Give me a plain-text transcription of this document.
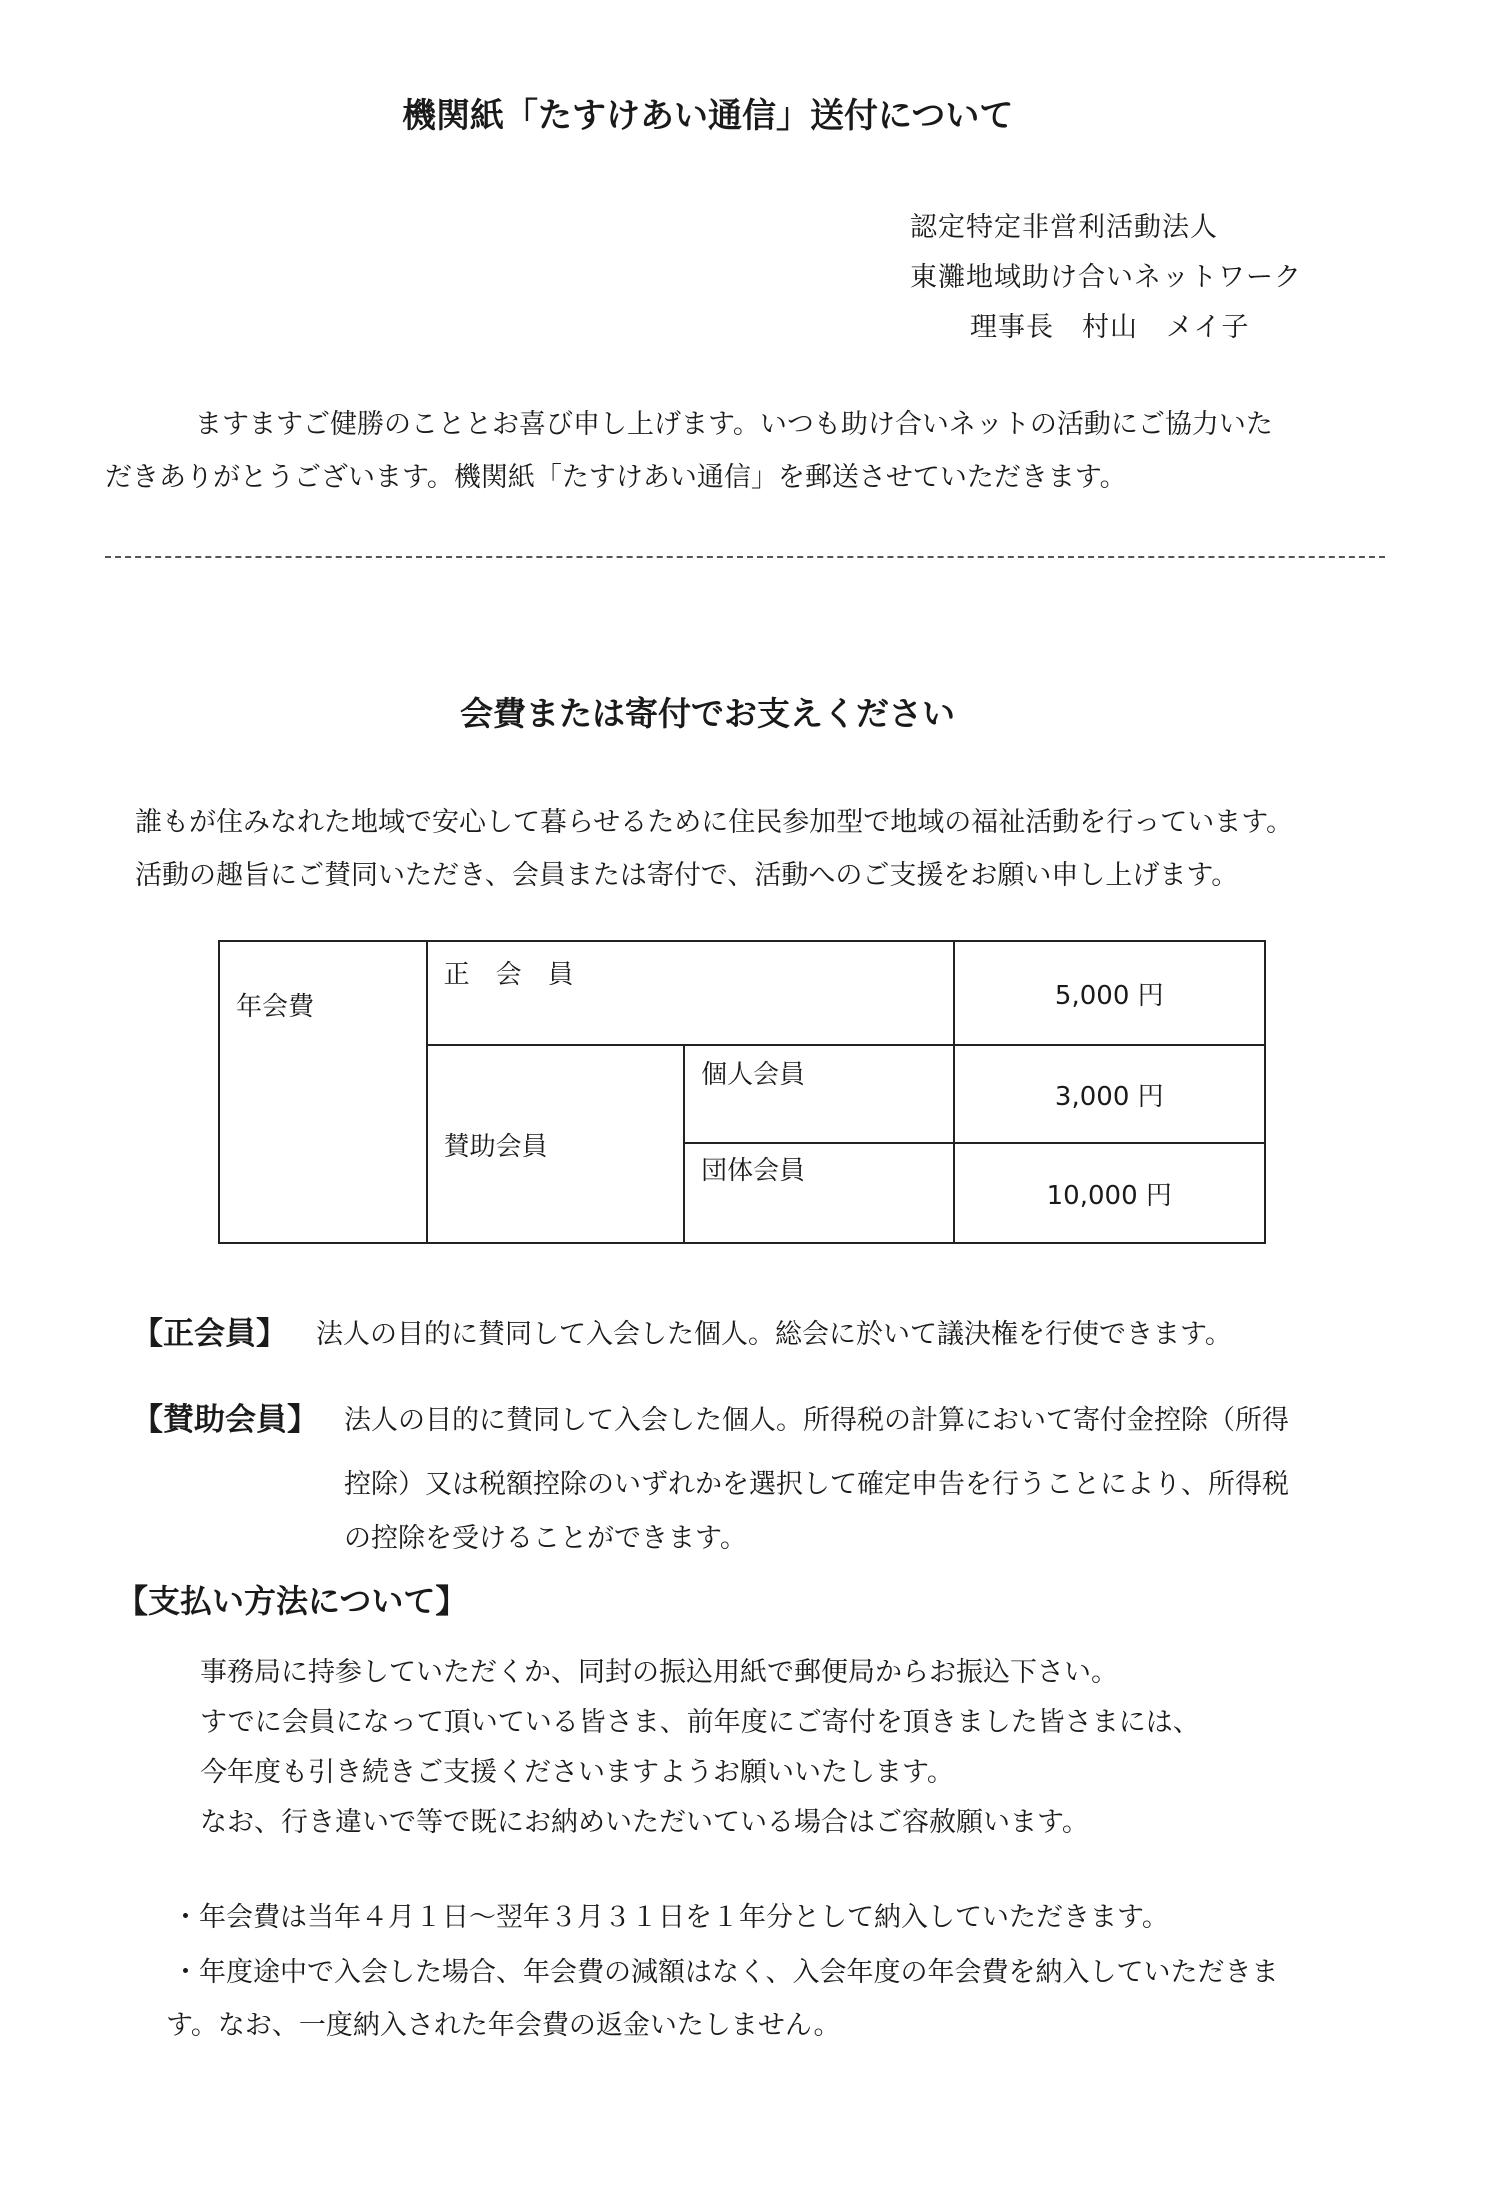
機関紙「たすけあい通信」送付について
認定特定非営利活動法人
東灘地域助け合いネットワーク
理事長　村山　メイ子
ますますご健勝のこととお喜び申し上げます。いつも助け合いネットの活動にご協力いた
だきありがとうございます。機関紙「たすけあい通信」を郵送させていただきます。
会費または寄付でお支えください
誰もが住みなれた地域で安心して暮らせるために住民参加型で地域の福祉活動を行っています。
活動の趣旨にご賛同いただき、会員または寄付で、活動へのご支援をお願い申し上げます。
年会費	正　会　員		5,000 円

	賛助会員	個人会員	3,000 円

		団体会員	10,000 円
【正会員】 法人の目的に賛同して入会した個人。総会に於いて議決権を行使できます。
【賛助会員】 法人の目的に賛同して入会した個人。所得税の計算において寄付金控除（所得
控除）又は税額控除のいずれかを選択して確定申告を行うことにより、所得税
の控除を受けることができます。
【支払い方法について】
事務局に持参していただくか、同封の振込用紙で郵便局からお振込下さい。
すでに会員になって頂いている皆さま、前年度にご寄付を頂きました皆さまには、
今年度も引き続きご支援くださいますようお願いいたします。
なお、行き違いで等で既にお納めいただいている場合はご容赦願います。
・年会費は当年４月１日～翌年３月３１日を１年分として納入していただきます。
・年度途中で入会した場合、年会費の減額はなく、入会年度の年会費を納入していただきま
す。なお、一度納入された年会費の返金いたしません。
